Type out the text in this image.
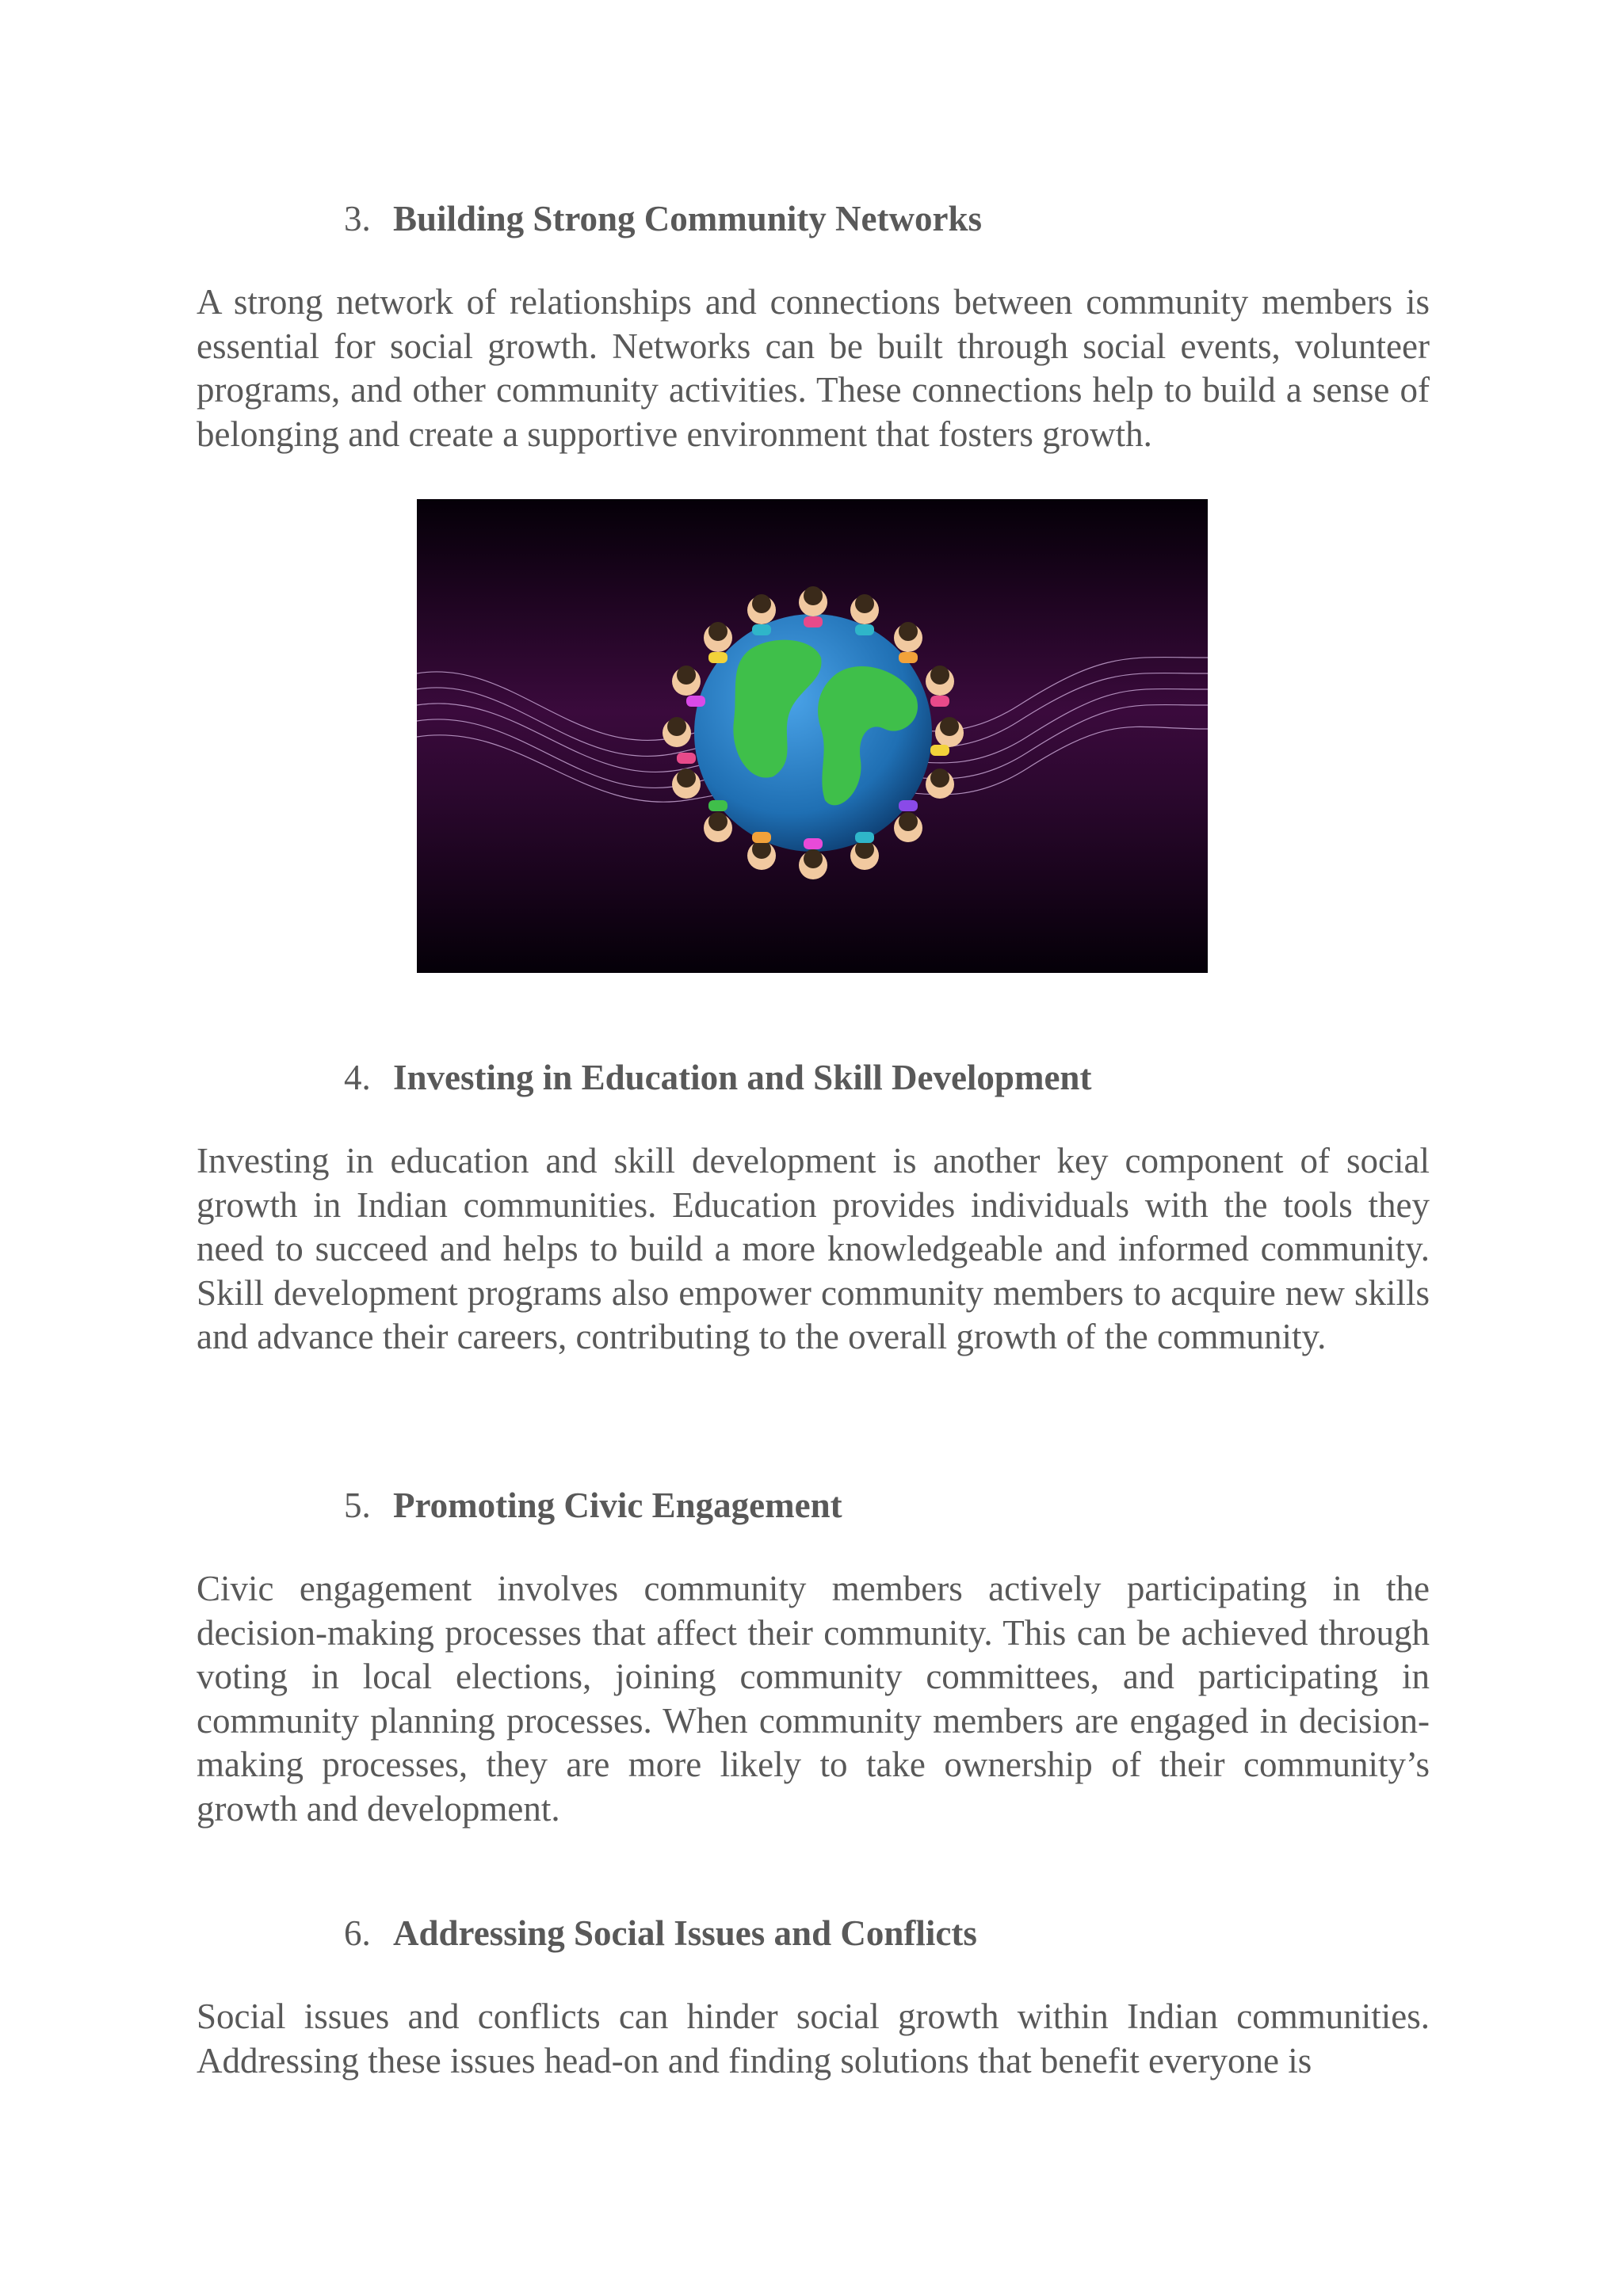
3. Building Strong Community Networks

A strong network of relationships and connections between community members is essential for social growth. Networks can be built through social events, volunteer programs, and other community activities. These connections help to build a sense of belonging and create a supportive environment that fosters growth.

4. Investing in Education and Skill Development

Investing in education and skill development is another key component of social growth in Indian communities. Education provides individuals with the tools they need to succeed and helps to build a more knowledgeable and informed community. Skill development programs also empower community members to acquire new skills and advance their careers, contributing to the overall growth of the community.

5. Promoting Civic Engagement

Civic engagement involves community members actively participating in the decision-making processes that affect their community. This can be achieved through voting in local elections, joining community committees, and participating in community planning processes. When community members are engaged in decision-making processes, they are more likely to take ownership of their community’s growth and development.

6. Addressing Social Issues and Conflicts

Social issues and conflicts can hinder social growth within Indian communities. Addressing these issues head-on and finding solutions that benefit everyone is
